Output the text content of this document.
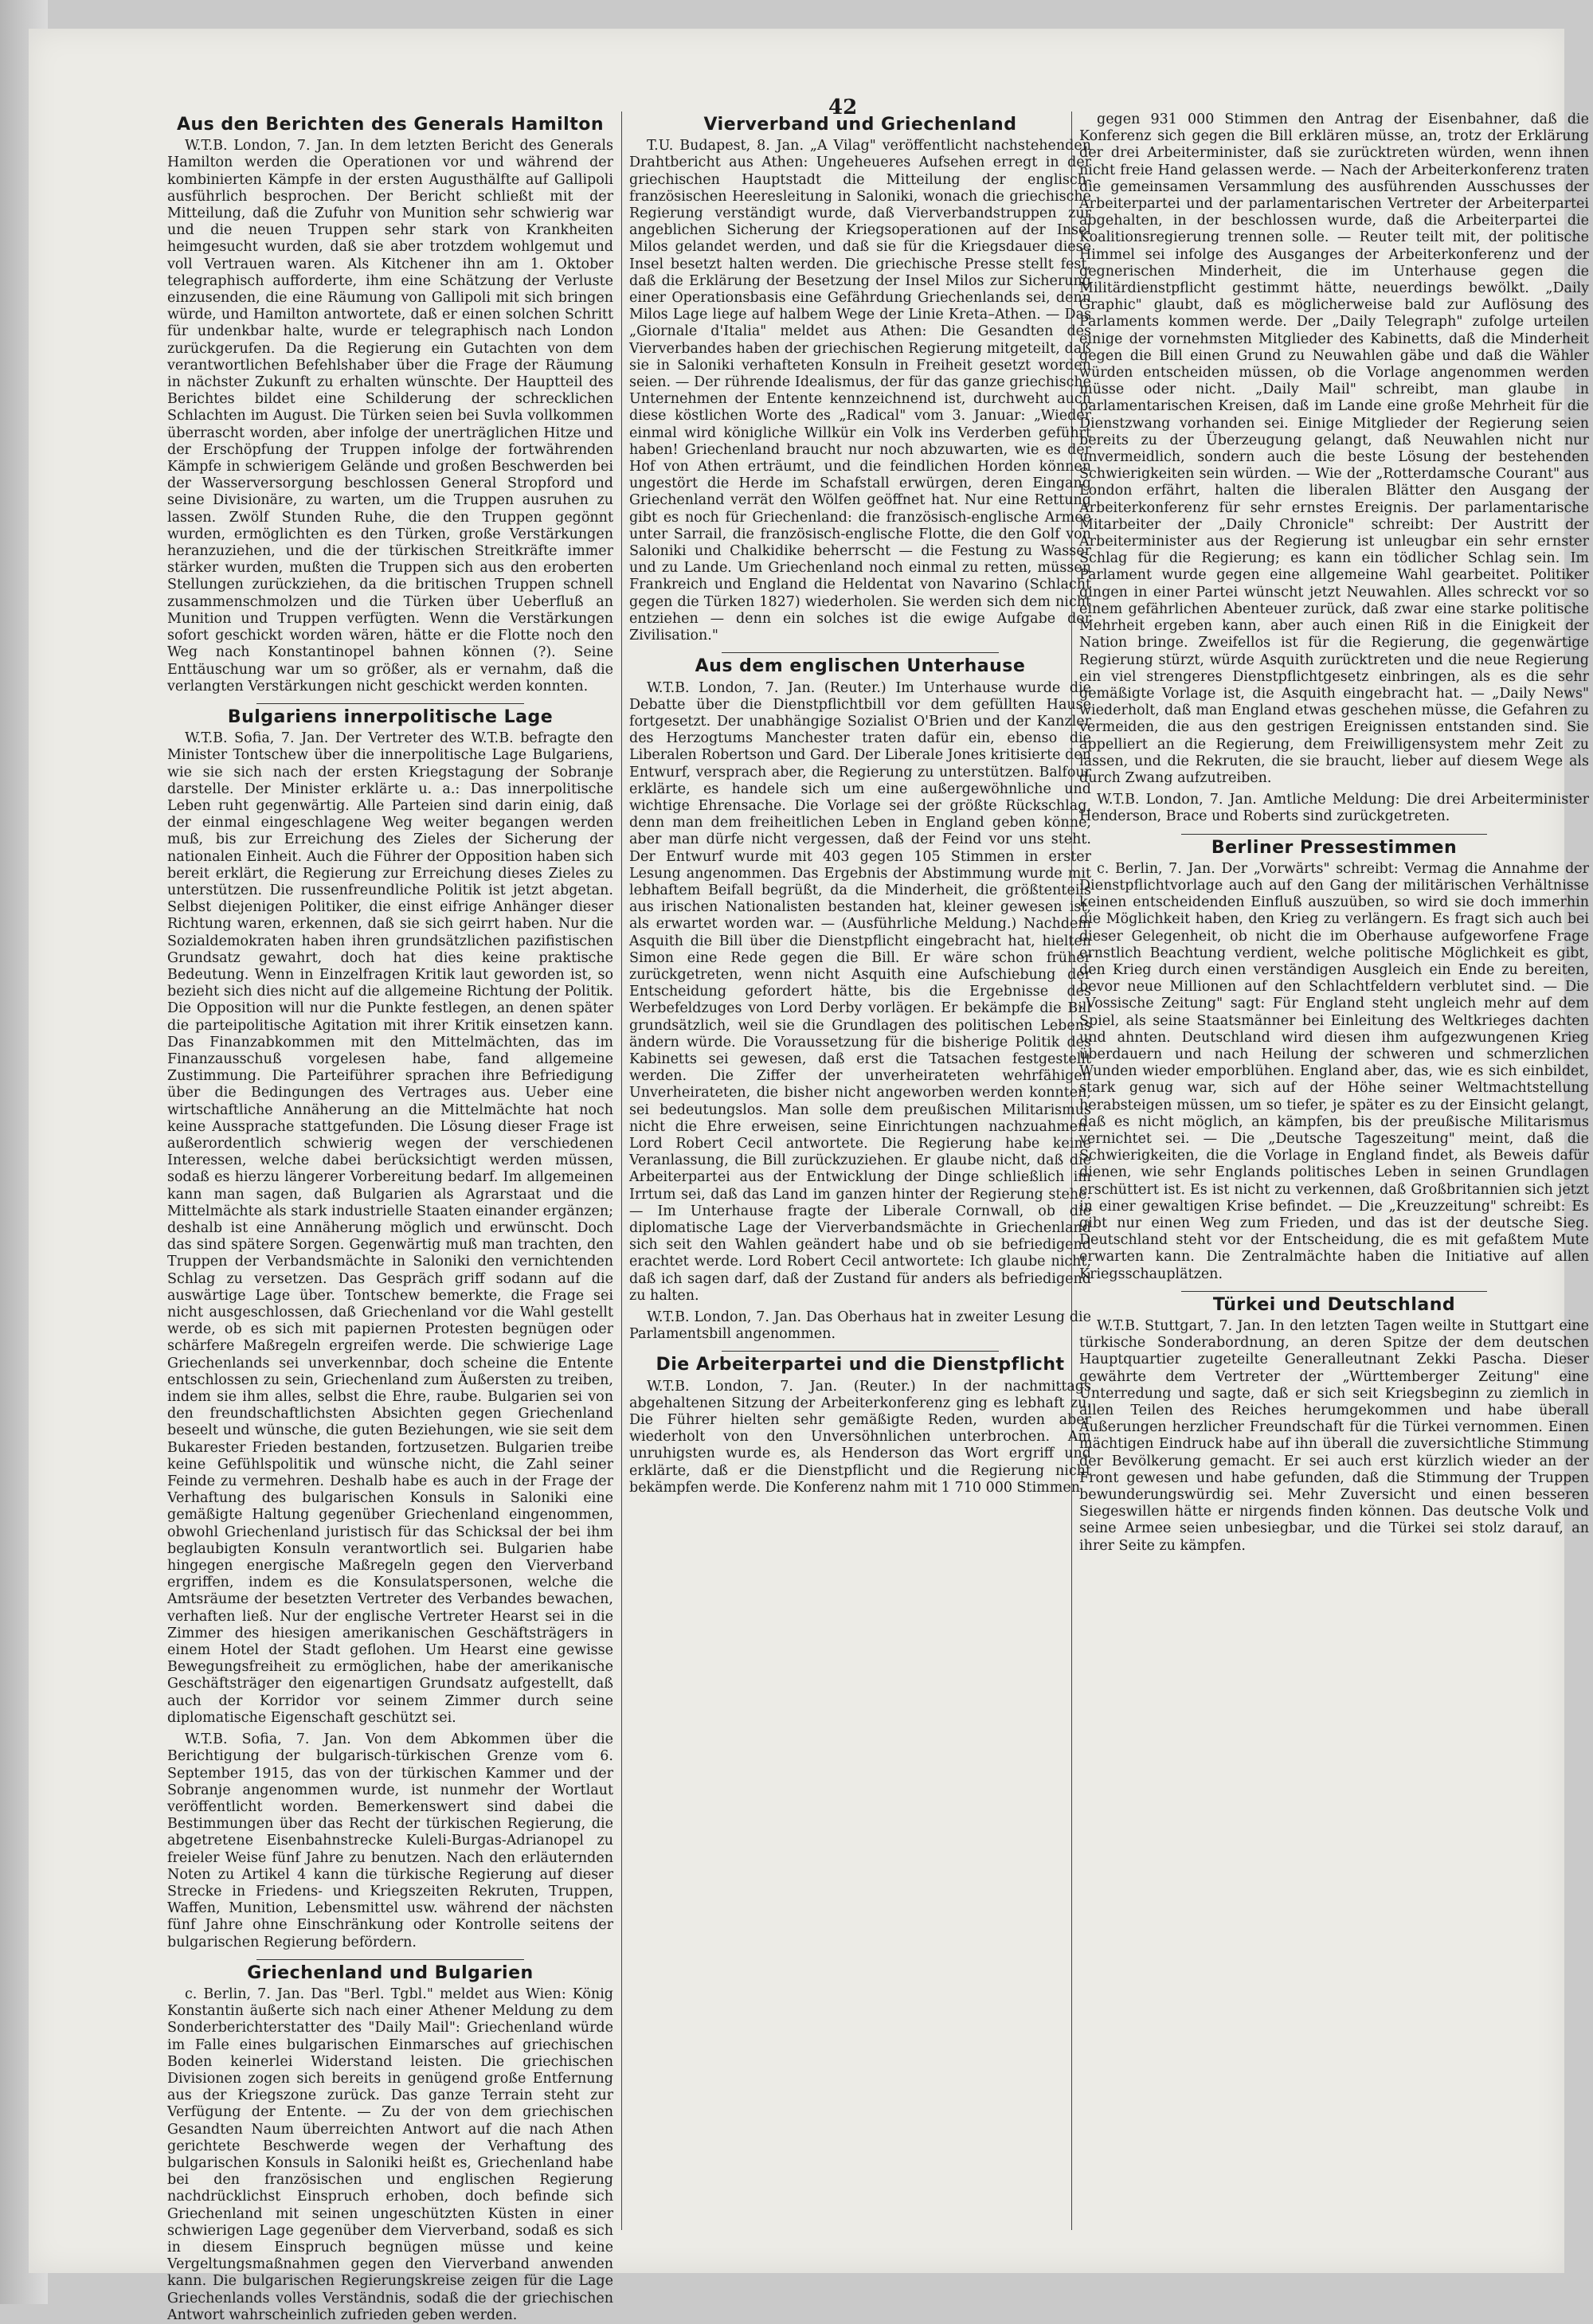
42
Aus den Berichten des Generals Hamilton

W.T.B. London, 7. Jan. In dem letzten Bericht des Generals Hamilton werden die Operationen vor und während der kombinierten Kämpfe in der ersten Augusthälfte auf Gallipoli ausführlich besprochen. Der Bericht schließt mit der Mitteilung, daß die Zufuhr von Munition sehr schwierig war und die neuen Truppen sehr stark von Krankheiten heimgesucht wurden, daß sie aber trotzdem wohlgemut und voll Vertrauen waren. Als Kitchener ihn am 1. Oktober telegraphisch aufforderte, ihm eine Schätzung der Verluste einzusenden, die eine Räumung von Gallipoli mit sich bringen würde, und Hamilton antwortete, daß er einen solchen Schritt für undenkbar halte, wurde er telegraphisch nach London zurückgerufen. Da die Regierung ein Gutachten von dem verantwortlichen Befehlshaber über die Frage der Räumung in nächster Zukunft zu erhalten wünschte. Der Hauptteil des Berichtes bildet eine Schilderung der schrecklichen Schlachten im August. Die Türken seien bei Suvla vollkommen überrascht worden, aber infolge der unerträglichen Hitze und der Erschöpfung der Truppen infolge der fortwährenden Kämpfe in schwierigem Gelände und großen Beschwerden bei der Wasserversorgung beschlossen General Stropford und seine Divisionäre, zu warten, um die Truppen ausruhen zu lassen. Zwölf Stunden Ruhe, die den Truppen gegönnt wurden, ermöglichten es den Türken, große Verstärkungen heranzuziehen, und die der türkischen Streitkräfte immer stärker wurden, mußten die Truppen sich aus den eroberten Stellungen zurückziehen, da die britischen Truppen schnell zusammenschmolzen und die Türken über Ueberfluß an Munition und Truppen verfügten. Wenn die Verstärkungen sofort geschickt worden wären, hätte er die Flotte noch den Weg nach Konstantinopel bahnen können (?). Seine Enttäuschung war um so größer, als er vernahm, daß die verlangten Verstärkungen nicht geschickt werden konnten.

Bulgariens innerpolitische Lage

W.T.B. Sofia, 7. Jan. Der Vertreter des W.T.B. befragte den Minister Tontschew über die innerpolitische Lage Bulgariens, wie sie sich nach der ersten Kriegstagung der Sobranje darstelle. Der Minister erklärte u. a.: Das innerpolitische Leben ruht gegenwärtig. Alle Parteien sind darin einig, daß der einmal eingeschlagene Weg weiter begangen werden muß, bis zur Erreichung des Zieles der Sicherung der nationalen Einheit. Auch die Führer der Opposition haben sich bereit erklärt, die Regierung zur Erreichung dieses Zieles zu unterstützen. Die russenfreundliche Politik ist jetzt abgetan. Selbst diejenigen Politiker, die einst eifrige Anhänger dieser Richtung waren, erkennen, daß sie sich geirrt haben. Nur die Sozialdemokraten haben ihren grundsätzlichen pazifistischen Grundsatz gewahrt, doch hat dies keine praktische Bedeutung. Wenn in Einzelfragen Kritik laut geworden ist, so bezieht sich dies nicht auf die allgemeine Richtung der Politik. Die Opposition will nur die Punkte festlegen, an denen später die parteipolitische Agitation mit ihrer Kritik einsetzen kann. Das Finanzabkommen mit den Mittelmächten, das im Finanzausschuß vorgelesen habe, fand allgemeine Zustimmung. Die Parteiführer sprachen ihre Befriedigung über die Bedingungen des Vertrages aus. Ueber eine wirtschaftliche Annäherung an die Mittelmächte hat noch keine Aussprache stattgefunden. Die Lösung dieser Frage ist außerordentlich schwierig wegen der verschiedenen Interessen, welche dabei berücksichtigt werden müssen, sodaß es hierzu längerer Vorbereitung bedarf. Im allgemeinen kann man sagen, daß Bulgarien als Agrarstaat und die Mittelmächte als stark industrielle Staaten einander ergänzen; deshalb ist eine Annäherung möglich und erwünscht. Doch das sind spätere Sorgen. Gegenwärtig muß man trachten, den Truppen der Verbandsmächte in Saloniki den vernichtenden Schlag zu versetzen. Das Gespräch griff sodann auf die auswärtige Lage über. Tontschew bemerkte, die Frage sei nicht ausgeschlossen, daß Griechenland vor die Wahl gestellt werde, ob es sich mit papiernen Protesten begnügen oder schärfere Maßregeln ergreifen werde. Die schwierige Lage Griechenlands sei unverkennbar, doch scheine die Entente entschlossen zu sein, Griechenland zum Äußersten zu treiben, indem sie ihm alles, selbst die Ehre, raube. Bulgarien sei von den freundschaftlichsten Absichten gegen Griechenland beseelt und wünsche, die guten Beziehungen, wie sie seit dem Bukarester Frieden bestanden, fortzusetzen. Bulgarien treibe keine Gefühlspolitik und wünsche nicht, die Zahl seiner Feinde zu vermehren. Deshalb habe es auch in der Frage der Verhaftung des bulgarischen Konsuls in Saloniki eine gemäßigte Haltung gegenüber Griechenland eingenommen, obwohl Griechenland juristisch für das Schicksal der bei ihm beglaubigten Konsuln verantwortlich sei. Bulgarien habe hingegen energische Maßregeln gegen den Vierverband ergriffen, indem es die Konsulatspersonen, welche die Amtsräume der besetzten Vertreter des Verbandes bewachen, verhaften ließ. Nur der englische Vertreter Hearst sei in die Zimmer des hiesigen amerikanischen Geschäftsträgers in einem Hotel der Stadt geflohen. Um Hearst eine gewisse Bewegungsfreiheit zu ermöglichen, habe der amerikanische Geschäftsträger den eigenartigen Grundsatz aufgestellt, daß auch der Korridor vor seinem Zimmer durch seine diplomatische Eigenschaft geschützt sei.

W.T.B. Sofia, 7. Jan. Von dem Abkommen über die Berichtigung der bulgarisch-türkischen Grenze vom 6. September 1915, das von der türkischen Kammer und der Sobranje angenommen wurde, ist nunmehr der Wortlaut veröffentlicht worden. Bemerkenswert sind dabei die Bestimmungen über das Recht der türkischen Regierung, die abgetretene Eisenbahnstrecke Kuleli-Burgas-Adrianopel zu freieler Weise fünf Jahre zu benutzen. Nach den erläuternden Noten zu Artikel 4 kann die türkische Regierung auf dieser Strecke in Friedens- und Kriegszeiten Rekruten, Truppen, Waffen, Munition, Lebensmittel usw. während der nächsten fünf Jahre ohne Einschränkung oder Kontrolle seitens der bulgarischen Regierung befördern.

Griechenland und Bulgarien

c. Berlin, 7. Jan. Das "Berl. Tgbl." meldet aus Wien: König Konstantin äußerte sich nach einer Athener Meldung zu dem Sonderberichterstatter des "Daily Mail": Griechenland würde im Falle eines bulgarischen Einmarsches auf griechischen Boden keinerlei Widerstand leisten. Die griechischen Divisionen zogen sich bereits in genügend große Entfernung aus der Kriegszone zurück. Das ganze Terrain steht zur Verfügung der Entente. — Zu der von dem griechischen Gesandten Naum überreichten Antwort auf die nach Athen gerichtete Beschwerde wegen der Verhaftung des bulgarischen Konsuls in Saloniki heißt es, Griechenland habe bei den französischen und englischen Regierung nachdrücklichst Einspruch erhoben, doch befinde sich Griechenland mit seinen ungeschützten Küsten in einer schwierigen Lage gegenüber dem Vierverband, sodaß es sich in diesem Einspruch begnügen müsse und keine Vergeltungsmaßnahmen gegen den Vierverband anwenden kann. Die bulgarischen Regierungskreise zeigen für die Lage Griechenlands volles Verständnis, sodaß die der griechischen Antwort wahrscheinlich zufrieden geben werden.

Vierverband und Griechenland

T.U. Budapest, 8. Jan. „A Vilag" veröffentlicht nachstehenden Drahtbericht aus Athen: Ungeheueres Aufsehen erregt in der griechischen Hauptstadt die Mitteilung der englisch-französischen Heeresleitung in Saloniki, wonach die griechische Regierung verständigt wurde, daß Vierverbandstruppen zur angeblichen Sicherung der Kriegsoperationen auf der Insel Milos gelandet werden, und daß sie für die Kriegsdauer diese Insel besetzt halten werden. Die griechische Presse stellt fest, daß die Erklärung der Besetzung der Insel Milos zur Sicherung einer Operationsbasis eine Gefährdung Griechenlands sei, denn Milos Lage liege auf halbem Wege der Linie Kreta–Athen. — Das „Giornale d'Italia" meldet aus Athen: Die Gesandten des Vierverbandes haben der griechischen Regierung mitgeteilt, daß sie in Saloniki verhafteten Konsuln in Freiheit gesetzt worden seien. — Der rührende Idealismus, der für das ganze griechische Unternehmen der Entente kennzeichnend ist, durchweht auch diese köstlichen Worte des „Radical" vom 3. Januar: „Wieder einmal wird königliche Willkür ein Volk ins Verderben geführt haben! Griechenland braucht nur noch abzuwarten, wie es der Hof von Athen erträumt, und die feindlichen Horden können ungestört die Herde im Schafstall erwürgen, deren Eingang Griechenland verrät den Wölfen geöffnet hat. Nur eine Rettung gibt es noch für Griechenland: die französisch-englische Armee unter Sarrail, die französisch-englische Flotte, die den Golf von Saloniki und Chalkidike beherrscht — die Festung zu Wasser und zu Lande. Um Griechenland noch einmal zu retten, müssen Frankreich und England die Heldentat von Navarino (Schlacht gegen die Türken 1827) wiederholen. Sie werden sich dem nicht entziehen — denn ein solches ist die ewige Aufgabe der Zivilisation."

Aus dem englischen Unterhause

W.T.B. London, 7. Jan. (Reuter.) Im Unterhause wurde die Debatte über die Dienstpflichtbill vor dem gefüllten Hause fortgesetzt. Der unabhängige Sozialist O'Brien und der Kanzler des Herzogtums Manchester traten dafür ein, ebenso die Liberalen Robertson und Gard. Der Liberale Jones kritisierte den Entwurf, versprach aber, die Regierung zu unterstützen. Balfour erklärte, es handele sich um eine außergewöhnliche und wichtige Ehrensache. Die Vorlage sei der größte Rückschlag, denn man dem freiheitlichen Leben in England geben könne, aber man dürfe nicht vergessen, daß der Feind vor uns steht. Der Entwurf wurde mit 403 gegen 105 Stimmen in erster Lesung angenommen. Das Ergebnis der Abstimmung wurde mit lebhaftem Beifall begrüßt, da die Minderheit, die größtenteils aus irischen Nationalisten bestanden hat, kleiner gewesen ist, als erwartet worden war. — (Ausführliche Meldung.) Nachdem Asquith die Bill über die Dienstpflicht eingebracht hat, hielten Simon eine Rede gegen die Bill. Er wäre schon früher zurückgetreten, wenn nicht Asquith eine Aufschiebung der Entscheidung gefordert hätte, bis die Ergebnisse des Werbefeldzuges von Lord Derby vorlägen. Er bekämpfe die Bill grundsätzlich, weil sie die Grundlagen des politischen Lebens ändern würde. Die Voraussetzung für die bisherige Politik des Kabinetts sei gewesen, daß erst die Tatsachen festgestellt werden. Die Ziffer der unverheirateten wehrfähigen Unverheirateten, die bisher nicht angeworben werden konnten, sei bedeutungslos. Man solle dem preußischen Militarismus nicht die Ehre erweisen, seine Einrichtungen nachzuahmen. Lord Robert Cecil antwortete. Die Regierung habe keine Veranlassung, die Bill zurückzuziehen. Er glaube nicht, daß die Arbeiterpartei aus der Entwicklung der Dinge schließlich im Irrtum sei, daß das Land im ganzen hinter der Regierung stehe. — Im Unterhause fragte der Liberale Cornwall, ob die diplomatische Lage der Vierverbandsmächte in Griechenland sich seit den Wahlen geändert habe und ob sie befriedigend erachtet werde. Lord Robert Cecil antwortete: Ich glaube nicht, daß ich sagen darf, daß der Zustand für anders als befriedigend zu halten.

W.T.B. London, 7. Jan. Das Oberhaus hat in zweiter Lesung die Parlamentsbill angenommen.

Die Arbeiterpartei und die Dienstpflicht

W.T.B. London, 7. Jan. (Reuter.) In der nachmittags abgehaltenen Sitzung der Arbeiterkonferenz ging es lebhaft zu. Die Führer hielten sehr gemäßigte Reden, wurden aber wiederholt von den Unversöhnlichen unterbrochen. Am unruhigsten wurde es, als Henderson das Wort ergriff und erklärte, daß er die Dienstpflicht und die Regierung nicht bekämpfen werde. Die Konferenz nahm mit 1 710 000 Stimmen

gegen 931 000 Stimmen den Antrag der Eisenbahner, daß die Konferenz sich gegen die Bill erklären müsse, an, trotz der Erklärung der drei Arbeiterminister, daß sie zurücktreten würden, wenn ihnen nicht freie Hand gelassen werde. — Nach der Arbeiterkonferenz traten die gemeinsamen Versammlung des ausführenden Ausschusses der Arbeiterpartei und der parlamentarischen Vertreter der Arbeiterpartei abgehalten, in der beschlossen wurde, daß die Arbeiterpartei die Koalitionsregierung trennen solle. — Reuter teilt mit, der politische Himmel sei infolge des Ausganges der Arbeiterkonferenz und der gegnerischen Minderheit, die im Unterhause gegen die Militärdienstpflicht gestimmt hätte, neuerdings bewölkt. „Daily Graphic" glaubt, daß es möglicherweise bald zur Auflösung des Parlaments kommen werde. Der „Daily Telegraph" zufolge urteilen einige der vornehmsten Mitglieder des Kabinetts, daß die Minderheit gegen die Bill einen Grund zu Neuwahlen gäbe und daß die Wähler würden entscheiden müssen, ob die Vorlage angenommen werden müsse oder nicht. „Daily Mail" schreibt, man glaube in parlamentarischen Kreisen, daß im Lande eine große Mehrheit für die Dienstzwang vorhanden sei. Einige Mitglieder der Regierung seien bereits zu der Überzeugung gelangt, daß Neuwahlen nicht nur unvermeidlich, sondern auch die beste Lösung der bestehenden Schwierigkeiten sein würden. — Wie der „Rotterdamsche Courant" aus London erfährt, halten die liberalen Blätter den Ausgang der Arbeiterkonferenz für sehr ernstes Ereignis. Der parlamentarische Mitarbeiter der „Daily Chronicle" schreibt: Der Austritt der Arbeiterminister aus der Regierung ist unleugbar ein sehr ernster Schlag für die Regierung; es kann ein tödlicher Schlag sein. Im Parlament wurde gegen eine allgemeine Wahl gearbeitet. Politiker gingen in einer Partei wünscht jetzt Neuwahlen. Alles schreckt vor so einem gefährlichen Abenteuer zurück, daß zwar eine starke politische Mehrheit ergeben kann, aber auch einen Riß in die Einigkeit der Nation bringe. Zweifellos ist für die Regierung, die gegenwärtige Regierung stürzt, würde Asquith zurücktreten und die neue Regierung ein viel strengeres Dienstpflichtgesetz einbringen, als es die sehr gemäßigte Vorlage ist, die Asquith eingebracht hat. — „Daily News" wiederholt, daß man England etwas geschehen müsse, die Gefahren zu vermeiden, die aus den gestrigen Ereignissen entstanden sind. Sie appelliert an die Regierung, dem Freiwilligensystem mehr Zeit zu lassen, und die Rekruten, die sie braucht, lieber auf diesem Wege als durch Zwang aufzutreiben.

W.T.B. London, 7. Jan. Amtliche Meldung: Die drei Arbeiterminister Henderson, Brace und Roberts sind zurückgetreten.

Berliner Pressestimmen

c. Berlin, 7. Jan. Der „Vorwärts" schreibt: Vermag die Annahme der Dienstpflichtvorlage auch auf den Gang der militärischen Verhältnisse keinen entscheidenden Einfluß auszuüben, so wird sie doch immerhin die Möglichkeit haben, den Krieg zu verlängern. Es fragt sich auch bei dieser Gelegenheit, ob nicht die im Oberhause aufgeworfene Frage ernstlich Beachtung verdient, welche politische Möglichkeit es gibt, den Krieg durch einen verständigen Ausgleich ein Ende zu bereiten, bevor neue Millionen auf den Schlachtfeldern verblutet sind. — Die „Vossische Zeitung" sagt: Für England steht ungleich mehr auf dem Spiel, als seine Staatsmänner bei Einleitung des Weltkrieges dachten und ahnten. Deutschland wird diesen ihm aufgezwungenen Krieg überdauern und nach Heilung der schweren und schmerzlichen Wunden wieder emporblühen. England aber, das, wie es sich einbildet, stark genug war, sich auf der Höhe seiner Weltmachtstellung herabsteigen müssen, um so tiefer, je später es zu der Einsicht gelangt, daß es nicht möglich, an kämpfen, bis der preußische Militarismus vernichtet sei. — Die „Deutsche Tageszeitung" meint, daß die Schwierigkeiten, die die Vorlage in England findet, als Beweis dafür dienen, wie sehr Englands politisches Leben in seinen Grundlagen erschüttert ist. Es ist nicht zu verkennen, daß Großbritannien sich jetzt in einer gewaltigen Krise befindet. — Die „Kreuzzeitung" schreibt: Es gibt nur einen Weg zum Frieden, und das ist der deutsche Sieg. Deutschland steht vor der Entscheidung, die es mit gefaßtem Mute erwarten kann. Die Zentralmächte haben die Initiative auf allen Kriegsschauplätzen.

Türkei und Deutschland

W.T.B. Stuttgart, 7. Jan. In den letzten Tagen weilte in Stuttgart eine türkische Sonderabordnung, an deren Spitze der dem deutschen Hauptquartier zugeteilte Generalleutnant Zekki Pascha. Dieser gewährte dem Vertreter der „Württemberger Zeitung" eine Unterredung und sagte, daß er sich seit Kriegsbeginn zu ziemlich in allen Teilen des Reiches herumgekommen und habe überall Äußerungen herzlicher Freundschaft für die Türkei vernommen. Einen mächtigen Eindruck habe auf ihn überall die zuversichtliche Stimmung der Bevölkerung gemacht. Er sei auch erst kürzlich wieder an der Front gewesen und habe gefunden, daß die Stimmung der Truppen bewunderungswürdig sei. Mehr Zuversicht und einen besseren Siegeswillen hätte er nirgends finden können. Das deutsche Volk und seine Armee seien unbesiegbar, und die Türkei sei stolz darauf, an ihrer Seite zu kämpfen.
